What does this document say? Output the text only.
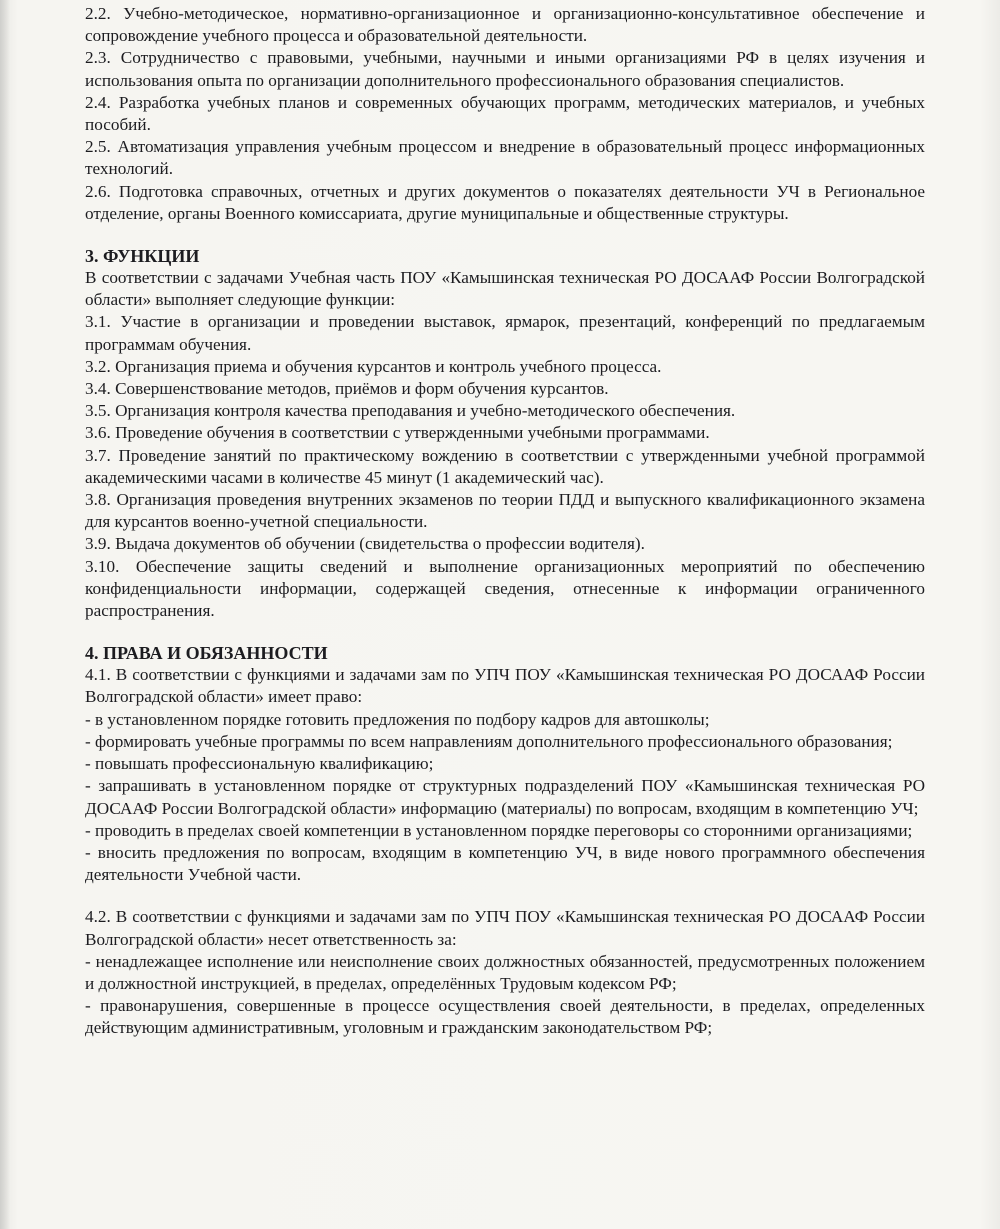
2.2. Учебно-методическое, нормативно-организационное и организационно-консультативное обеспечение и сопровождение учебного процесса и образовательной деятельности.

2.3. Сотрудничество с правовыми, учебными, научными и иными организациями РФ в целях изучения и использования опыта по организации дополнительного профессионального образования специалистов.

2.4. Разработка учебных планов и современных обучающих программ, методических материалов, и учебных пособий.

2.5. Автоматизация управления учебным процессом и внедрение в образовательный процесс информационных технологий.

2.6. Подготовка справочных, отчетных и других документов о показателях деятельности УЧ в Региональное отделение, органы Военного комиссариата, другие муниципальные и общественные структуры.

3. ФУНКЦИИ

В соответствии с задачами Учебная часть ПОУ «Камышинская техническая РО ДОСААФ России Волгоградской области» выполняет следующие функции:

3.1. Участие в организации и проведении выставок, ярмарок, презентаций, конференций по предлагаемым программам обучения.

3.2. Организация приема и обучения курсантов и контроль учебного процесса.

3.4. Совершенствование методов, приёмов и форм обучения курсантов.

3.5. Организация контроля качества преподавания и учебно-методического обеспечения.

3.6. Проведение обучения в соответствии с утвержденными учебными программами.

3.7. Проведение занятий по практическому вождению в соответствии с утвержденными учебной программой академическими часами в количестве 45 минут (1 академический час).

3.8. Организация проведения внутренних экзаменов по теории ПДД и выпускного квалификационного экзамена для курсантов военно-учетной специальности.

3.9. Выдача документов об обучении (свидетельства о профессии водителя).

3.10. Обеспечение защиты сведений и выполнение организационных мероприятий по обеспечению конфиденциальности информации, содержащей сведения, отнесенные к информации ограниченного распространения.

4. ПРАВА И ОБЯЗАННОСТИ

4.1. В соответствии с функциями и задачами зам по УПЧ ПОУ «Камышинская техническая РО ДОСААФ России Волгоградской области» имеет право:

- в установленном порядке готовить предложения по подбору кадров для автошколы;

- формировать учебные программы по всем направлениям дополнительного профессионального образования;

- повышать профессиональную квалификацию;

- запрашивать в установленном порядке от структурных подразделений ПОУ «Камышинская техническая РО ДОСААФ России Волгоградской области» информацию (материалы) по вопросам, входящим в компетенцию УЧ;

- проводить в пределах своей компетенции в установленном порядке переговоры со сторонними организациями;

- вносить предложения по вопросам, входящим в компетенцию УЧ, в виде нового программного обеспечения деятельности Учебной части.

4.2. В соответствии с функциями и задачами зам по УПЧ ПОУ «Камышинская техническая РО ДОСААФ России Волгоградской области» несет ответственность за:

- ненадлежащее исполнение или неисполнение своих должностных обязанностей, предусмотренных положением и должностной инструкцией, в пределах, определённых Трудовым кодексом РФ;

- правонарушения, совершенные в процессе осуществления своей деятельности, в пределах, определенных действующим административным, уголовным и гражданским законодательством РФ;
